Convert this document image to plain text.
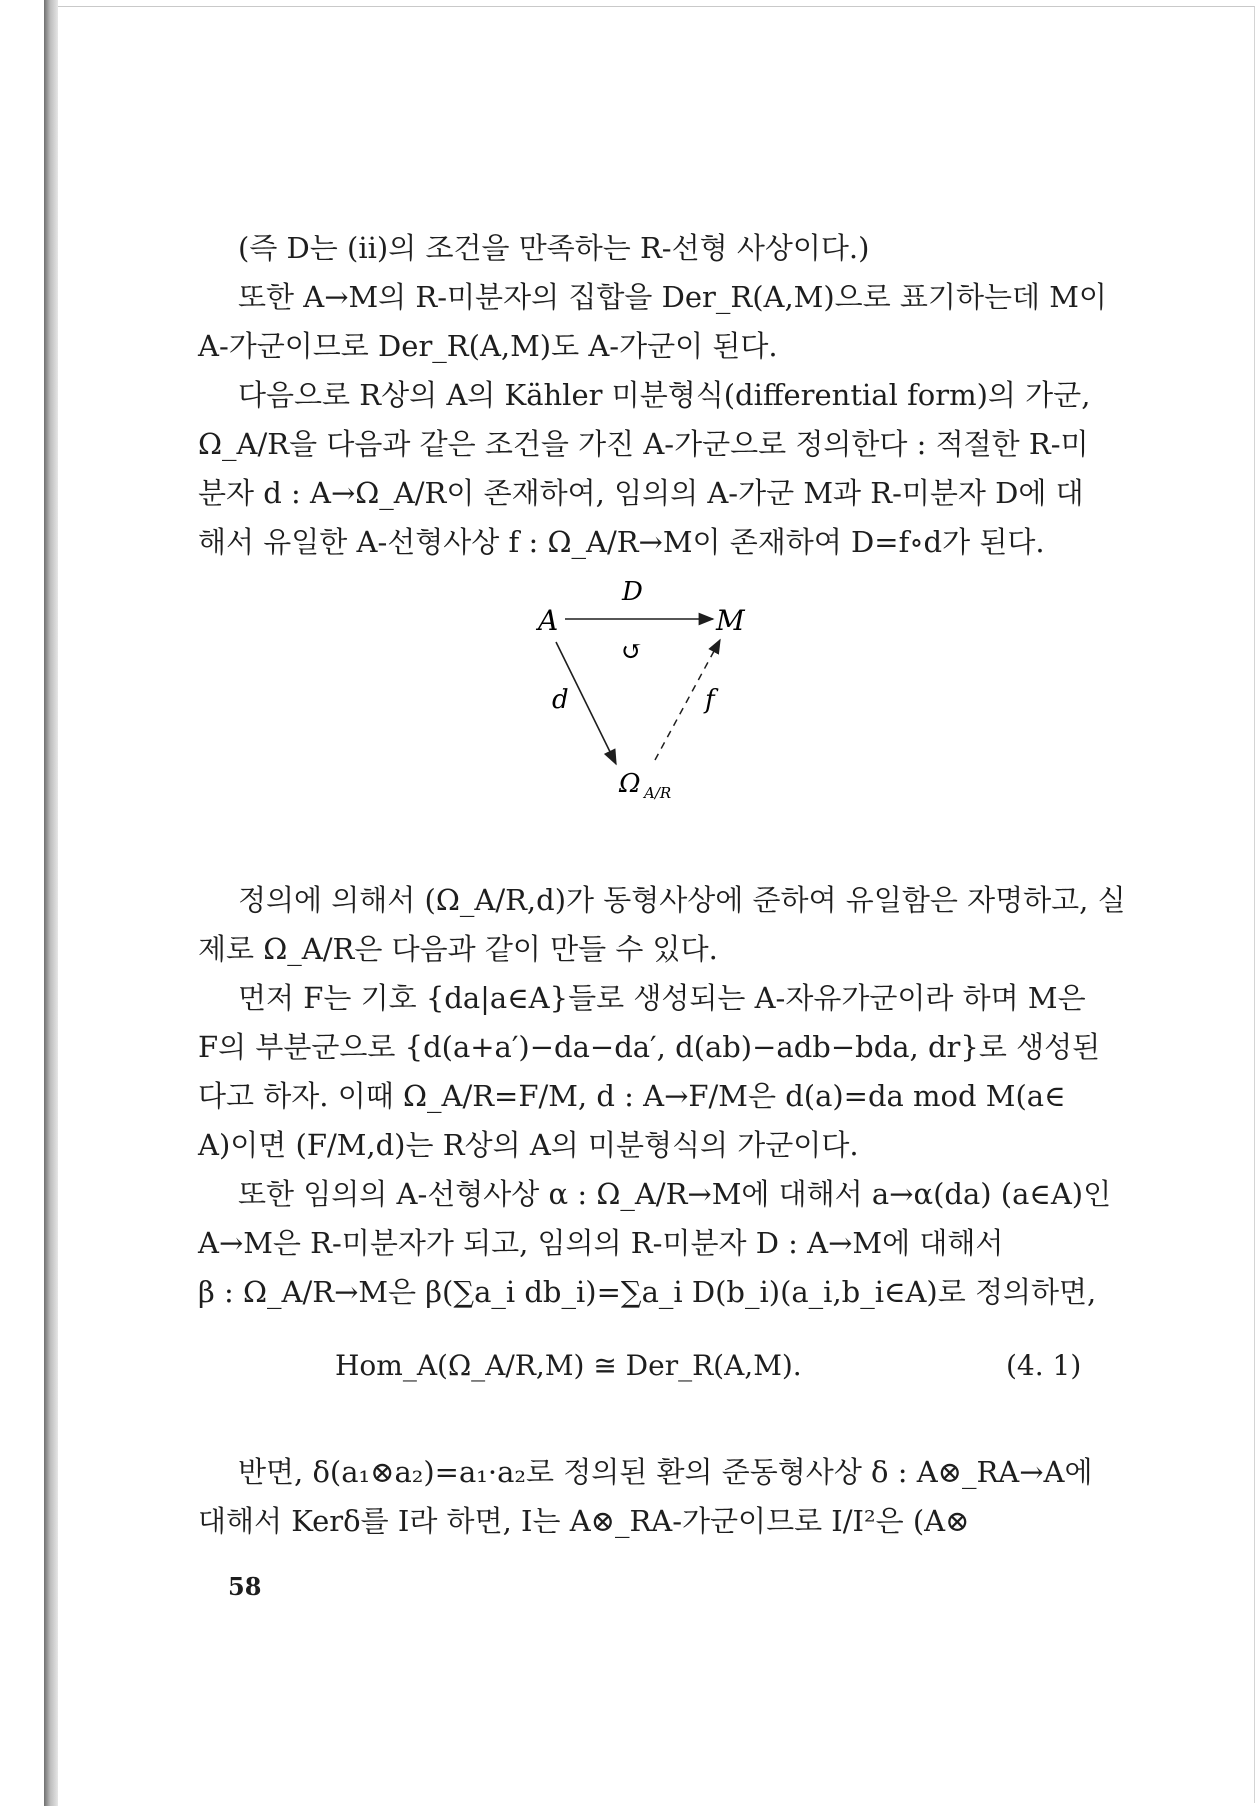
(즉 D는 (ii)의 조건을 만족하는 R-선형 사상이다.)
또한 A→M의 R-미분자의 집합을 Der_R(A,M)으로 표기하는데 M이
A-가군이므로 Der_R(A,M)도 A-가군이 된다.
다음으로 R상의 A의 Kähler 미분형식(differential form)의 가군,
Ω_A/R을 다음과 같은 조건을 가진 A-가군으로 정의한다 : 적절한 R-미
분자 d : A→Ω_A/R이 존재하여, 임의의 A-가군 M과 R-미분자 D에 대
해서 유일한 A-선형사상 f : Ω_A/R→M이 존재하여 D=f∘d가 된다.
A	M
D
↺
d	f
Ω A/R
정의에 의해서 (Ω_A/R,d)가 동형사상에 준하여 유일함은 자명하고, 실
제로 Ω_A/R은 다음과 같이 만들 수 있다.
먼저 F는 기호 {da|a∈A}들로 생성되는 A-자유가군이라 하며 M은
F의 부분군으로 {d(a+a′)−da−da′, d(ab)−adb−bda, dr}로 생성된
다고 하자. 이때 Ω_A/R=F/M, d : A→F/M은 d(a)=da mod M(a∈
A)이면 (F/M,d)는 R상의 A의 미분형식의 가군이다.
또한 임의의 A-선형사상 α : Ω_A/R→M에 대해서 a→α(da) (a∈A)인
A→M은 R-미분자가 되고, 임의의 R-미분자 D : A→M에 대해서
β : Ω_A/R→M은 β(∑a_i db_i)=∑a_i D(b_i)(a_i,b_i∈A)로 정의하면,
Hom_A(Ω_A/R,M) ≅ Der_R(A,M).	(4. 1)
반면, δ(a₁⊗a₂)=a₁·a₂로 정의된 환의 준동형사상 δ : A⊗_RA→A에
대해서 Kerδ를 I라 하면, I는 A⊗_RA-가군이므로 I/I²은 (A⊗
58
